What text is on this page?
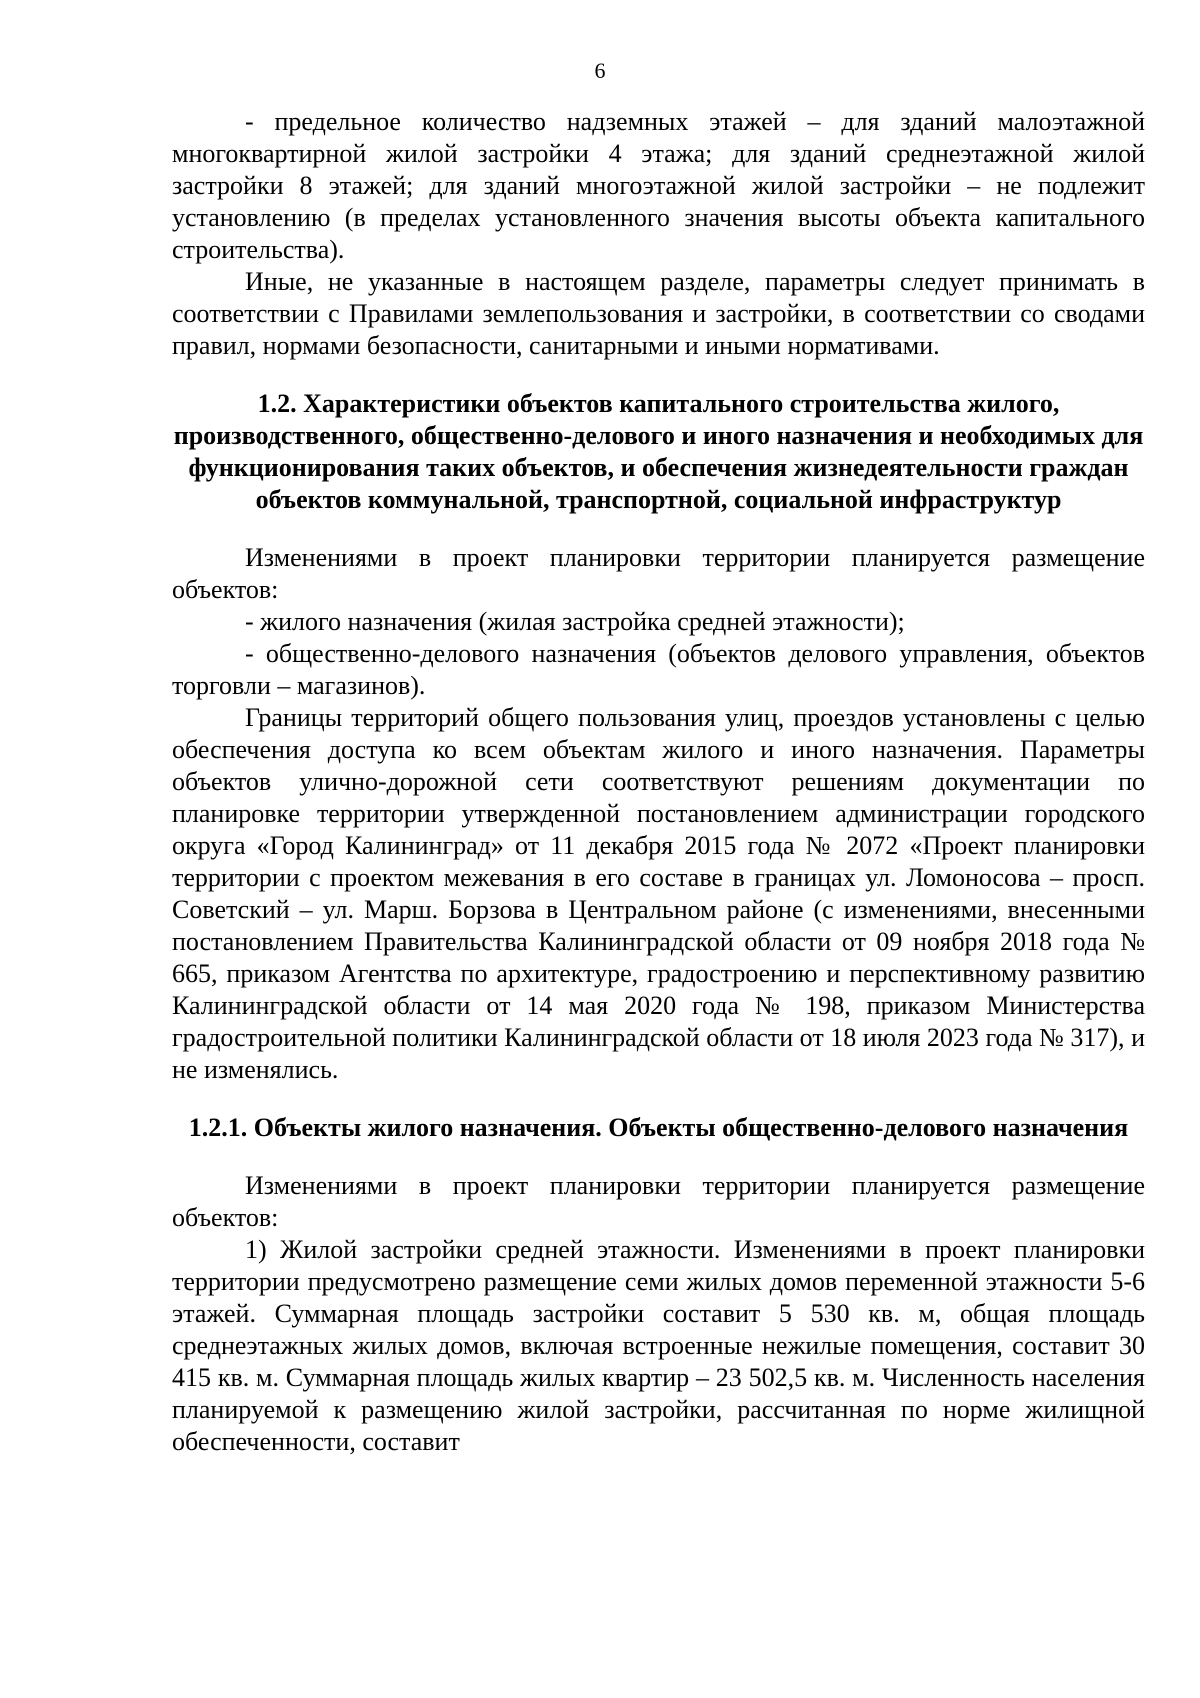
6

- предельное количество надземных этажей – для зданий малоэтажной многоквартирной жилой застройки 4 этажа; для зданий среднеэтажной жилой застройки 8 этажей; для зданий многоэтажной жилой застройки – не подлежит установлению (в пределах установленного значения высоты объекта капитального строительства).

Иные, не указанные в настоящем разделе, параметры следует принимать в соответствии с Правилами землепользования и застройки, в соответствии со сводами правил, нормами безопасности, санитарными и иными нормативами.

1.2. Характеристики объектов капитального строительства жилого, производственного, общественно-делового и иного назначения и необходимых для функционирования таких объектов, и обеспечения жизнедеятельности граждан объектов коммунальной, транспортной, социальной инфраструктур

Изменениями в проект планировки территории планируется размещение объектов:

- жилого назначения (жилая застройка средней этажности);

- общественно-делового назначения (объектов делового управления, объектов торговли – магазинов).

Границы территорий общего пользования улиц, проездов установлены с целью обеспечения доступа ко всем объектам жилого и иного назначения. Параметры объектов улично-дорожной сети соответствуют решениям документации по планировке территории утвержденной постановлением администрации городского округа «Город Калининград» от 11 декабря 2015 года № 2072 «Проект планировки территории с проектом межевания в его составе в границах ул. Ломоносова – просп. Советский – ул. Марш. Борзова в Центральном районе (с изменениями, внесенными постановлением Правительства Калининградской области от 09 ноября 2018 года № 665, приказом Агентства по архитектуре, градостроению и перспективному развитию Калининградской области от 14 мая 2020 года № 198, приказом Министерства градостроительной политики Калининградской области от 18 июля 2023 года № 317), и не изменялись.

1.2.1. Объекты жилого назначения. Объекты общественно-делового назначения

Изменениями в проект планировки территории планируется размещение объектов:

1) Жилой застройки средней этажности. Изменениями в проект планировки территории предусмотрено размещение семи жилых домов переменной этажности 5-6 этажей. Суммарная площадь застройки составит 5 530 кв. м, общая площадь среднеэтажных жилых домов, включая встроенные нежилые помещения, составит 30 415 кв. м. Суммарная площадь жилых квартир – 23 502,5 кв. м. Численность населения планируемой к размещению жилой застройки, рассчитанная по норме жилищной обеспеченности, составит
